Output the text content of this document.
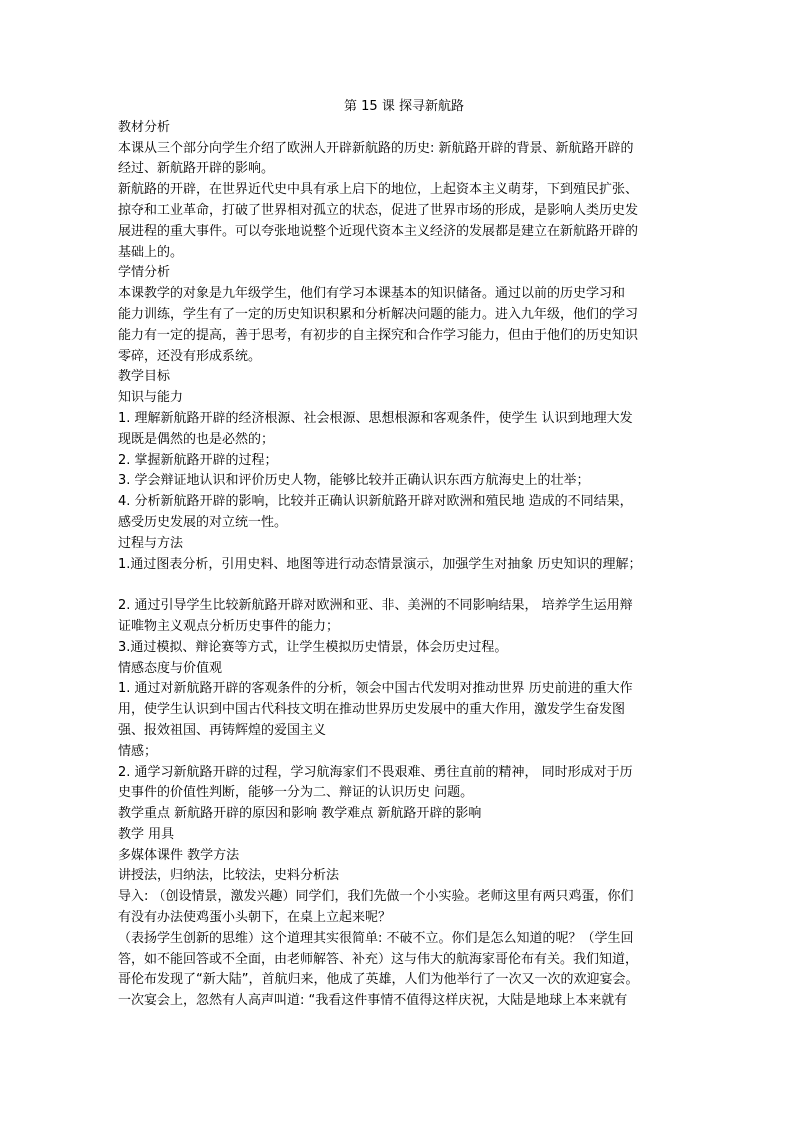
第 15 课 探寻新航路
教材分析
本课从三个部分向学生介绍了欧洲人开辟新航路的历史: 新航路开辟的背景、新航路开辟的
经过、新航路开辟的影响。
新航路的开辟，在世界近代史中具有承上启下的地位，上起资本主义萌芽，下到殖民扩张、
掠夺和工业革命，打破了世界相对孤立的状态，促进了世界市场的形成，是影响人类历史发
展进程的重大事件。可以夸张地说整个近现代资本主义经济的发展都是建立在新航路开辟的
基础上的。
学情分析
本课教学的对象是九年级学生，他们有学习本课基本的知识储备。通过以前的历史学习和
能力训练，学生有了一定的历史知识积累和分析解决问题的能力。进入九年级，他们的学习
能力有一定的提高，善于思考，有初步的自主探究和合作学习能力，但由于他们的历史知识
零碎，还没有形成系统。
教学目标
知识与能力
1. 理解新航路开辟的经济根源、社会根源、思想根源和客观条件，使学生 认识到地理大发
现既是偶然的也是必然的；
2. 掌握新航路开辟的过程；
3. 学会辩证地认识和评价历史人物，能够比较并正确认识东西方航海史上的壮举；
4. 分析新航路开辟的影响，比较并正确认识新航路开辟对欧洲和殖民地 造成的不同结果，
感受历史发展的对立统一性。
过程与方法
1.通过图表分析，引用史料、地图等进行动态情景演示，加强学生对抽象 历史知识的理解；
2. 通过引导学生比较新航路开辟对欧洲和亚、非、美洲的不同影响结果， 培养学生运用辩
证唯物主义观点分析历史事件的能力；
3.通过模拟、辩论赛等方式，让学生模拟历史情景，体会历史过程。
情感态度与价值观
1. 通过对新航路开辟的客观条件的分析，领会中国古代发明对推动世界 历史前进的重大作
用，使学生认识到中国古代科技文明在推动世界历史发展中的重大作用，激发学生奋发图
强、报效祖国、再铸辉煌的爱国主义
情感；
2. 通学习新航路开辟的过程，学习航海家们不畏艰难、勇往直前的精神， 同时形成对于历
史事件的价值性判断，能够一分为二、辩证的认识历史 问题。
教学重点 新航路开辟的原因和影响 教学难点 新航路开辟的影响
教学 用具
多媒体课件 教学方法
讲授法，归纳法，比较法，史料分析法
导入: （创设情景，激发兴趣）同学们，我们先做一个小实验。老师这里有两只鸡蛋，你们
有没有办法使鸡蛋小头朝下，在桌上立起来呢？
（表扬学生创新的思维）这个道理其实很简单: 不破不立。你们是怎么知道的呢？（学生回
答，如不能回答或不全面，由老师解答、补充）这与伟大的航海家哥伦布有关。我们知道，
哥伦布发现了“新大陆”，首航归来，他成了英雄，人们为他举行了一次又一次的欢迎宴会。
一次宴会上，忽然有人高声叫道: “我看这件事情不值得这样庆祝，大陆是地球上本来就有
